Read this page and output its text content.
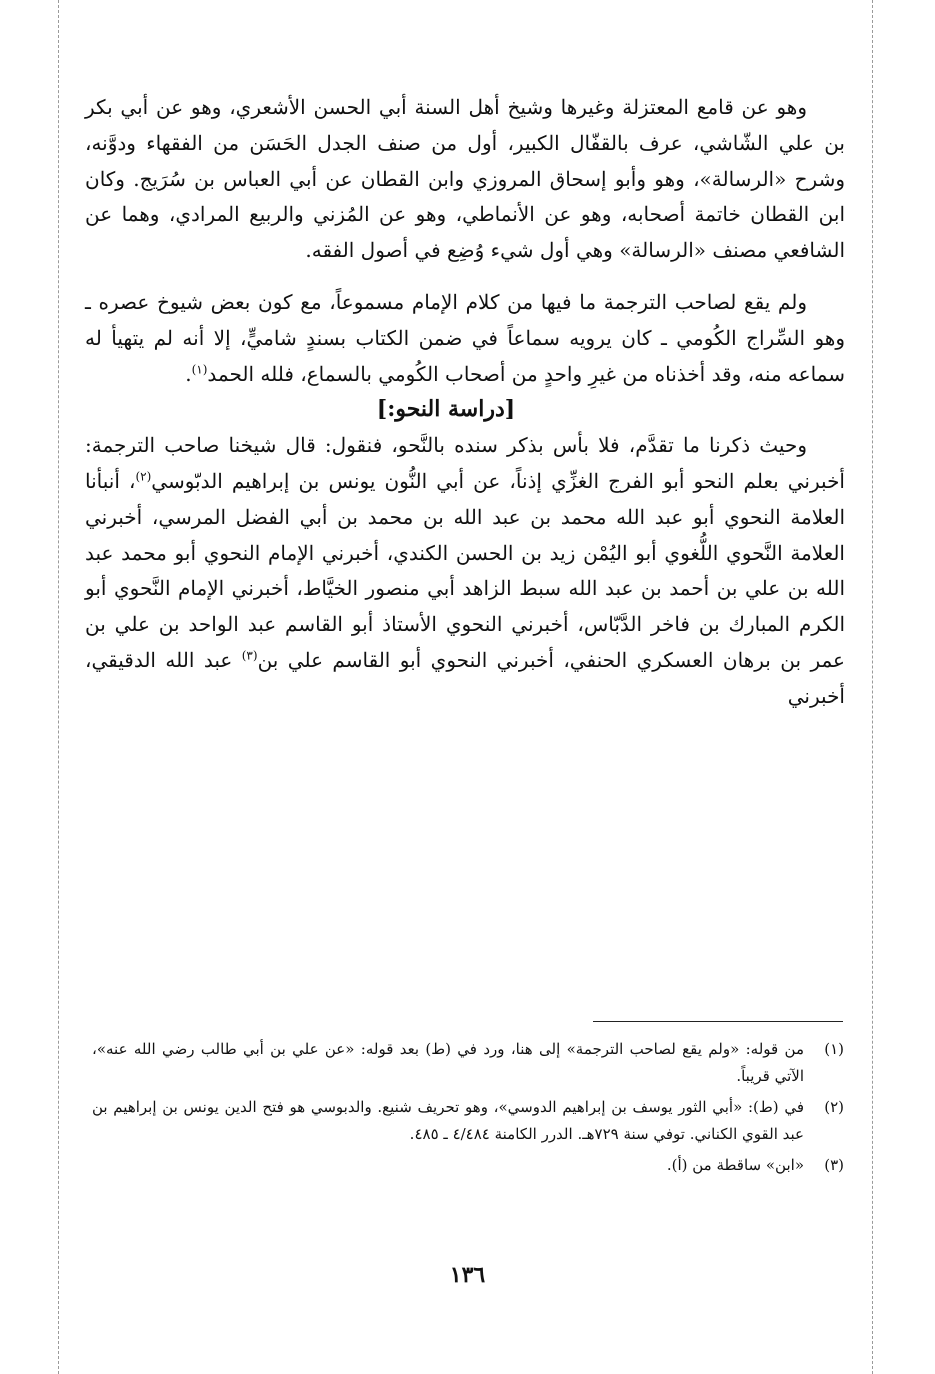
وهو عن قامع المعتزلة وغيرها وشيخ أهل السنة أبي الحسن الأشعري، وهو عن أبي بكر بن علي الشّاشي، عرف بالقفّال الكبير، أول من صنف الجدل الحَسَن من الفقهاء ودوَّنه، وشرح «الرسالة»، وهو وأبو إسحاق المروزي وابن القطان عن أبي العباس بن سُرَيج. وكان ابن القطان خاتمة أصحابه، وهو عن الأنماطي، وهو عن المُزني والربيع المرادي، وهما عن الشافعي مصنف «الرسالة» وهي أول شيء وُضِع في أصول الفقه.

ولم يقع لصاحب الترجمة ما فيها من كلام الإمام مسموعاً، مع كون بعض شيوخ عصره ـ وهو السِّراج الكُومي ـ كان يرويه سماعاً في ضمن الكتاب بسندٍ شاميٍّ، إلا أنه لم يتهيأ له سماعه منه، وقد أخذناه من غيرِ واحدٍ من أصحاب الكُومي بالسماع، فلله الحمد$^{(١)}$.

[دراسة النحو:]

وحيث ذكرنا ما تقدَّم، فلا بأس بذكر سنده بالنَّحو، فنقول: قال شيخنا صاحب الترجمة: أخبرني بعلم النحو أبو الفرج الغزِّي إذناً، عن أبي النُّون يونس بن إبراهيم الدبّوسي$^{(٢)}$، أنبأنا العلامة النحوي أبو عبد الله محمد بن عبد الله بن محمد بن أبي الفضل المرسي، أخبرني العلامة النَّحوي اللُّغوي أبو اليُمْن زيد بن الحسن الكندي، أخبرني الإمام النحوي أبو محمد عبد الله بن علي بن أحمد بن عبد الله سبط الزاهد أبي منصور الخيَّاط، أخبرني الإمام النَّحوي أبو الكرم المبارك بن فاخر الدَّبّاس، أخبرني النحوي الأستاذ أبو القاسم عبد الواحد بن علي بن عمر بن برهان العسكري الحنفي، أخبرني النحوي أبو القاسم علي بن$^{(٣)}$ عبد الله الدقيقي، أخبرني

(١)
من قوله: «ولم يقع لصاحب الترجمة» إلى هنا، ورد في (ط) بعد قوله: «عن علي بن أبي طالب رضي الله عنه»، الآتي قريباً.
(٢)
في (ط): «أبي الثور يوسف بن إبراهيم الدوسي»، وهو تحريف شنيع. والدبوسي هو فتح الدين يونس بن إبراهيم بن عبد القوي الكناني. توفي سنة ٧٢٩هـ. الدرر الكامنة ٤/٤٨٤ ـ ٤٨٥.
(٣)
«ابن» ساقطة من (أ).
١٣٦
